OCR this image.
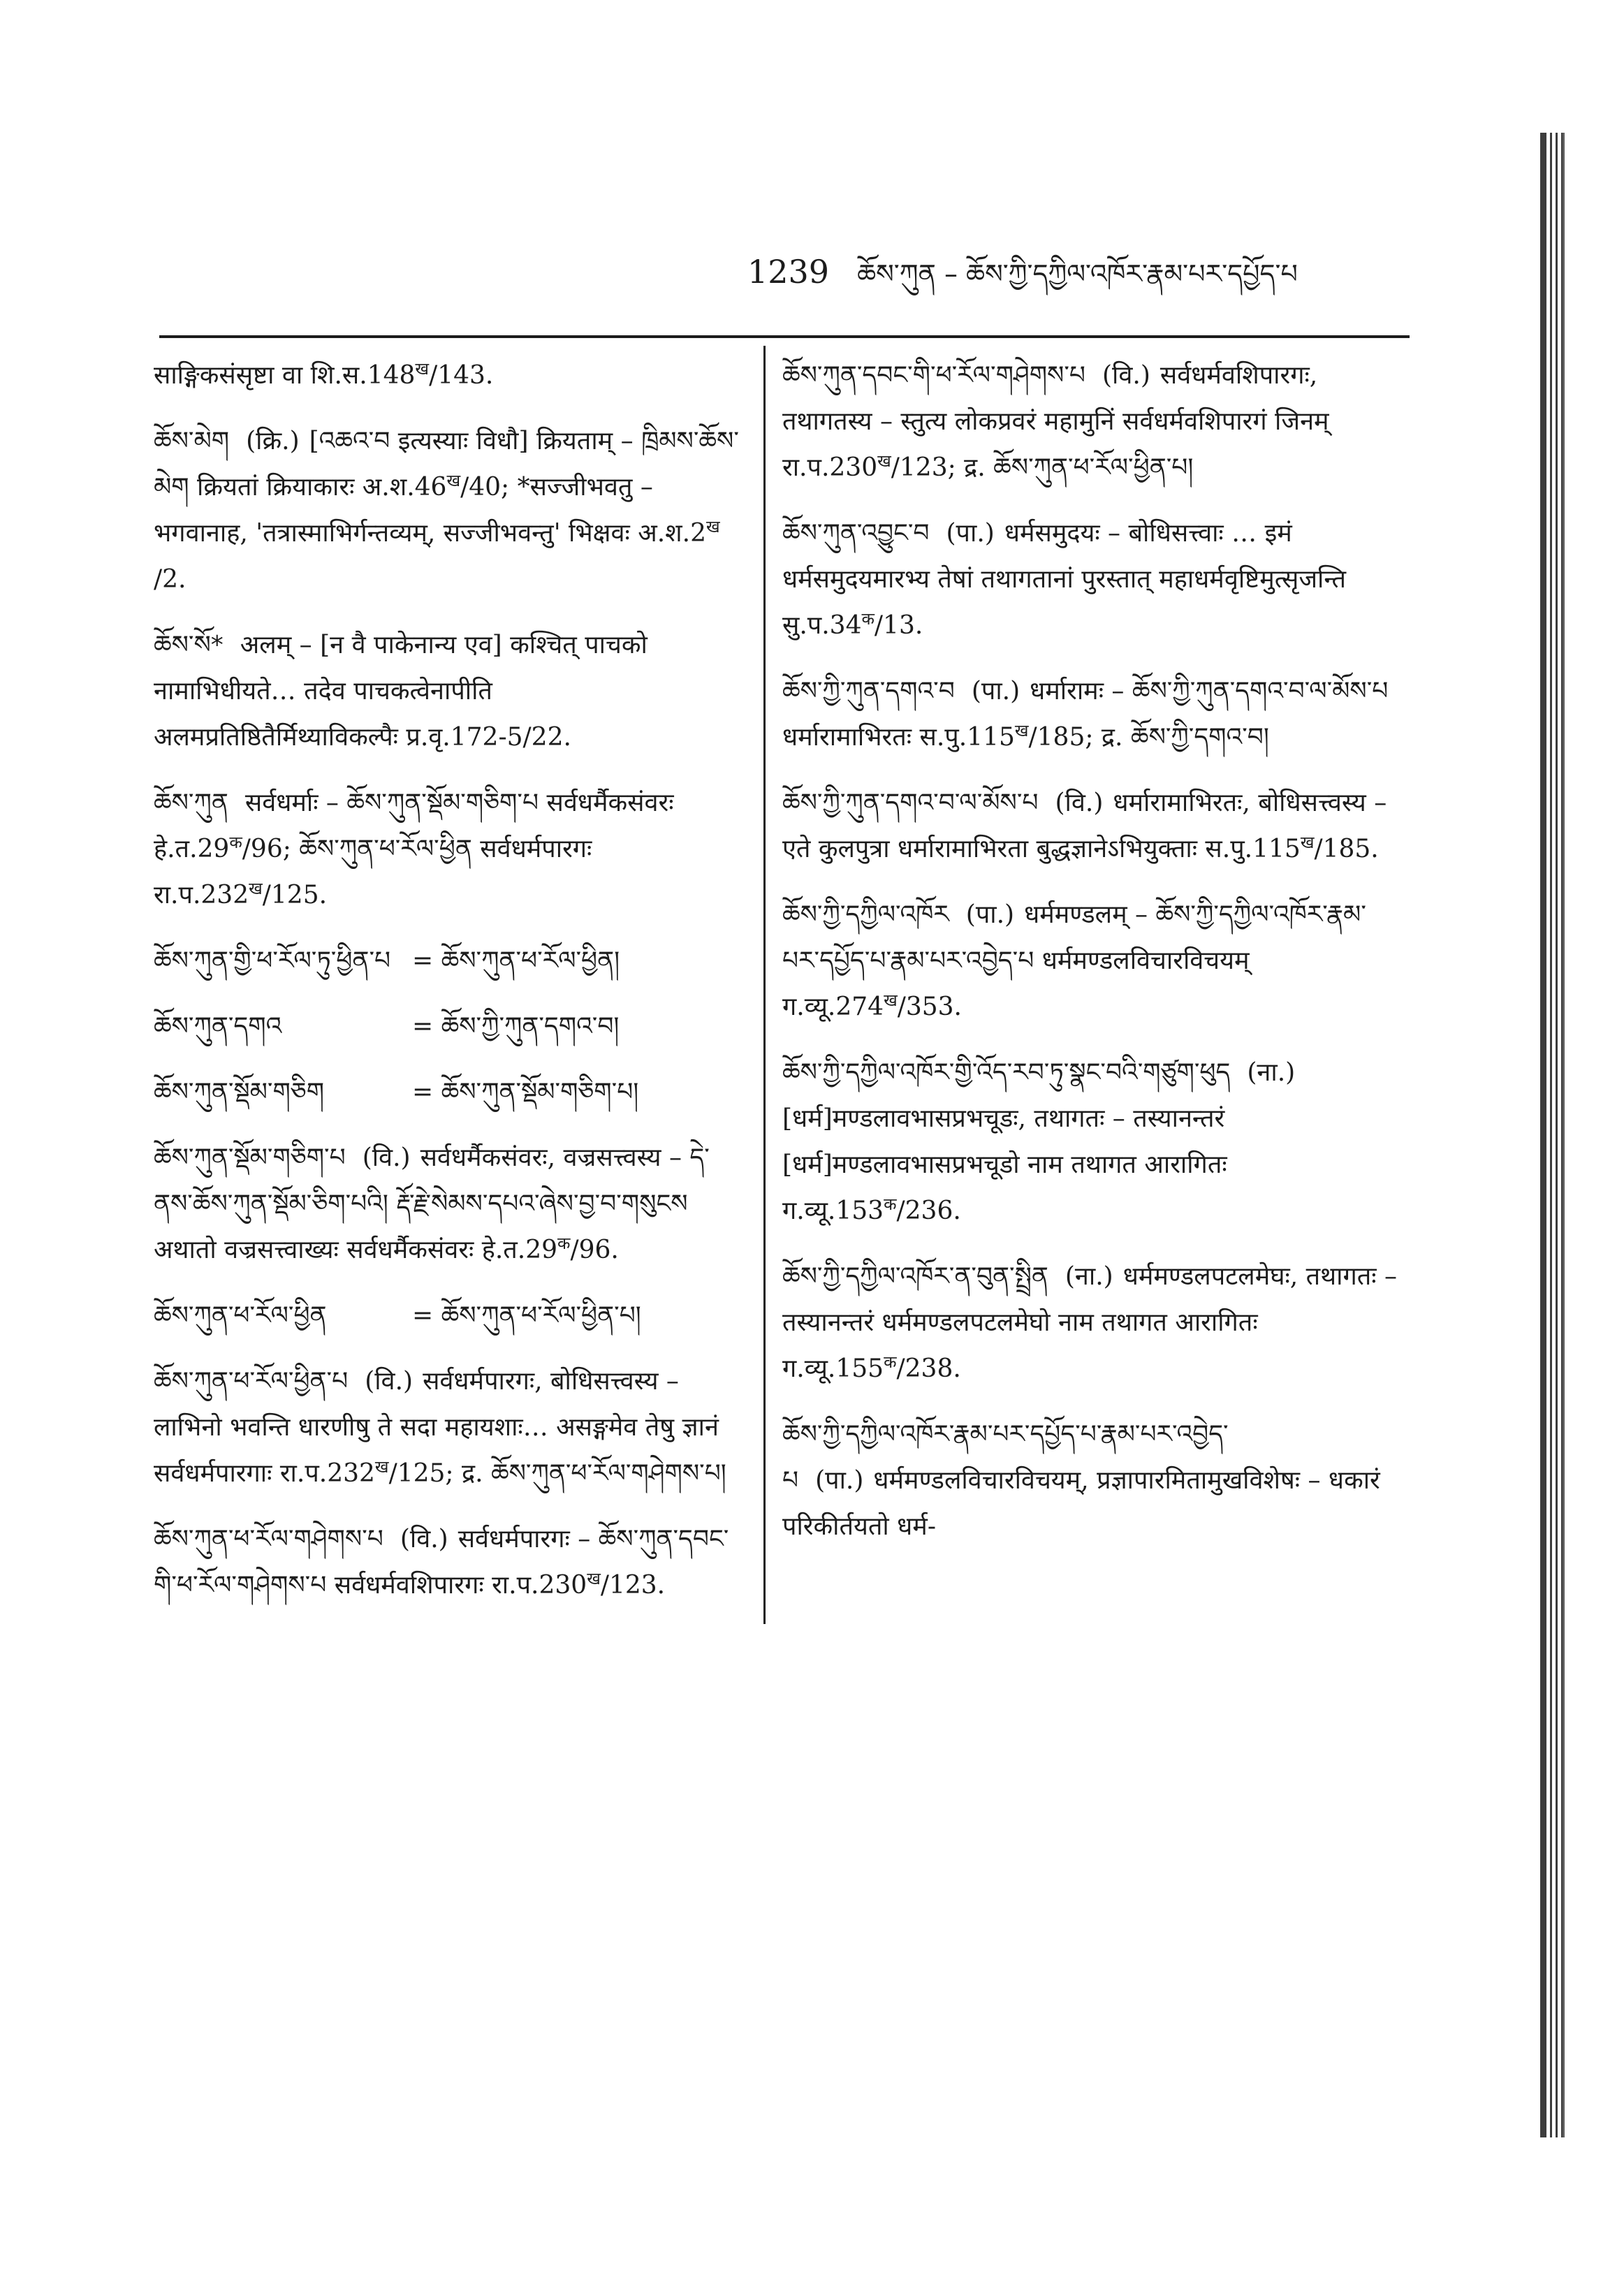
1239 ཆོས་ཀུན – ཆོས་ཀྱི་དཀྱིལ་འཁོར་རྣམ་པར་དཔྱོད་པ
साङ्गिकसंसृष्टा वा $शि.स.148^ख/143$.
ཆོས་མེག (क्रि.) [འཆའ་བ इत्यस्याः विधौ] क्रियताम् – ཁྲིམས་ཆོས་མེག क्रियतां क्रियाकारः $अ.श.46^ख/40$; *सज्जीभवतु – भगवानाह, 'तत्रास्माभिर्गन्तव्यम्, सज्जीभवन्तु' भिक्षवः $अ.श.2^ख$ /2.
ཆོས་སོ* अलम् – [न वै पाकेनान्य एव] कश्चित् पाचको नामाभिधीयते… तदेव पाचकत्वेनापीति अलमप्रतिष्ठितैर्मिथ्याविकल्पैः प्र.वृ.172-5/22.
ཆོས་ཀུན सर्वधर्माः – ཆོས་ཀུན་སྡོམ་གཅིག་པ सर्वधर्मैकसंवरः $हे.त.29^क/96$; ཆོས་ཀུན་ཕ་རོལ་ཕྱིན सर्वधर्मपारगः $रा.प.232^ख/125$.
ཆོས་ཀུན་གྱི་ཕ་རོལ་ཏུ་ཕྱིན་པ = ཆོས་ཀུན་ཕ་རོལ་ཕྱིན།
ཆོས་ཀུན་དགའ	= ཆོས་ཀྱི་ཀུན་དགའ་བ།
ཆོས་ཀུན་སྡོམ་གཅིག	= ཆོས་ཀུན་སྡོམ་གཅིག་པ།
ཆོས་ཀུན་སྡོམ་གཅིག་པ (वि.) सर्वधर्मैकसंवरः, वज्रसत्त्वस्य – དེ་ནས་ཆོས་ཀུན་སྡོམ་ཅིག་པའི། རྡོ་རྗེ་སེམས་དཔའ་ཞེས་བྱ་བ་གསུངས अथातो वज्रसत्त्वाख्यः सर्वधर्मैकसंवरः $हे.त.29^क/96$.
ཆོས་ཀུན་ཕ་རོལ་ཕྱིན	= ཆོས་ཀུན་ཕ་རོལ་ཕྱིན་པ།
ཆོས་ཀུན་ཕ་རོལ་ཕྱིན་པ (वि.) सर्वधर्मपारगः, बोधिसत्त्वस्य – लाभिनो भवन्ति धारणीषु ते सदा महायशाः… असङ्गमेव तेषु ज्ञानं सर्वधर्मपारगाः $रा.प.232^ख/125$; द्र. ཆོས་ཀུན་ཕ་རོལ་གཤེགས་པ།
ཆོས་ཀུན་ཕ་རོལ་གཤེགས་པ (वि.) सर्वधर्मपारगः – ཆོས་ཀུན་དབང་གི་ཕ་རོལ་གཤེགས་པ सर्वधर्मवशिपारगः $रा.प.230^ख/123$.
ཆོས་ཀུན་དབང་གི་ཕ་རོལ་གཤེགས་པ (वि.) सर्वधर्मवशिपारगः, तथागतस्य – स्तुत्य लोकप्रवरं महामुनिं सर्वधर्मवशिपारगं जिनम् $रा.प.230^ख/123$; द्र. ཆོས་ཀུན་ཕ་རོལ་ཕྱིན་པ།
ཆོས་ཀུན་འབྱུང་བ (पा.) धर्मसमुदयः – बोधिसत्त्वाः … इमं धर्मसमुदयमारभ्य तेषां तथागतानां पुरस्तात् महाधर्मवृष्टिमुत्सृजन्ति $सु.प.34^क/13$.
ཆོས་ཀྱི་ཀུན་དགའ་བ (पा.) धर्मारामः – ཆོས་ཀྱི་ཀུན་དགའ་བ་ལ་མོས་པ धर्मारामाभिरतः $स.पु.115^ख/185$; द्र. ཆོས་ཀྱི་དགའ་བ།
ཆོས་ཀྱི་ཀུན་དགའ་བ་ལ་མོས་པ (वि.) धर्मारामाभिरतः, बोधिसत्त्वस्य – एते कुलपुत्रा धर्मारामाभिरता बुद्धज्ञानेऽभियुक्ताः $स.पु.115^ख/185$.
ཆོས་ཀྱི་དཀྱིལ་འཁོར (पा.) धर्ममण्डलम् – ཆོས་ཀྱི་དཀྱིལ་འཁོར་རྣམ་པར་དཔྱོད་པ་རྣམ་པར་འབྱེད་པ धर्ममण्डलविचारविचयम् $ग.व्यू.274^ख/353$.
ཆོས་ཀྱི་དཀྱིལ་འཁོར་གྱི་འོད་རབ་ཏུ་སྣང་བའི་གཙུག་ཕུད (ना.)[धर्म]मण्डलावभासप्रभचूडः, तथागतः – तस्यानन्तरं [धर्म]मण्डलावभासप्रभचूडो नाम तथागत आरागितः $ग.व्यू.153^क/236$.
ཆོས་ཀྱི་དཀྱིལ་འཁོར་ན་བུན་སྤྲིན (ना.) धर्ममण्डलपटलमेघः, तथागतः – तस्यानन्तरं धर्ममण्डलपटलमेघो नाम तथागत आरागितः $ग.व्यू.155^क/238$.
ཆོས་ཀྱི་དཀྱིལ་འཁོར་རྣམ་པར་དཔྱོད་པ་རྣམ་པར་འབྱེད་པ (पा.) धर्ममण्डलविचारविचयम्, प्रज्ञापारमितामुखविशेषः – धकारं परिकीर्तयतो धर्म-
